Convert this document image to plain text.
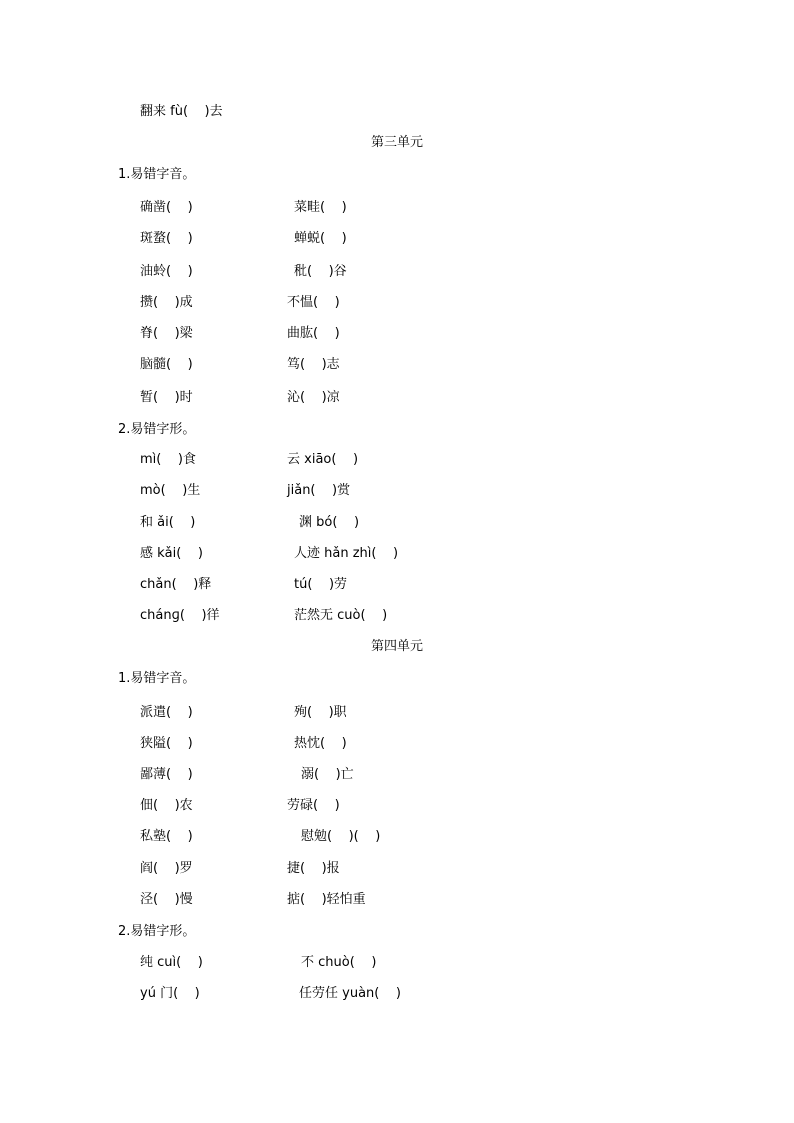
翻来 fù(    )去
第三单元
1.易错字音。
确凿(    )	菜畦(    )
斑蝥(    )	蝉蜕(    )
油蛉(    )	秕(    )谷
攒(    )成	不愠(    )
脊(    )梁	曲肱(    )
脑髓(    )	笃(    )志
暂(    )时	沁(    )凉
2.易错字形。
mì(    )食	云 xiāo(    )
mò(    )生	jiǎn(    )赏
和 ǎi(    )	渊 bó(    )
感 kǎi(    )	人迹 hǎn zhì(    )
chǎn(    )释	tú(    )劳
chánɡ(    )徉	茫然无 cuò(    )
第四单元
1.易错字音。
派遣(    )	殉(    )职
狭隘(    )	热忱(    )
鄙薄(    )	溺(    )亡
佃(    )农	劳碌(    )
私塾(    )	慰勉(    )(    )
阎(    )罗	捷(    )报
泾(    )慢	掂(    )轻怕重
2.易错字形。
纯 cuì(    )	不 chuò(    )
yú 门(    )	任劳任 yuàn(    )
